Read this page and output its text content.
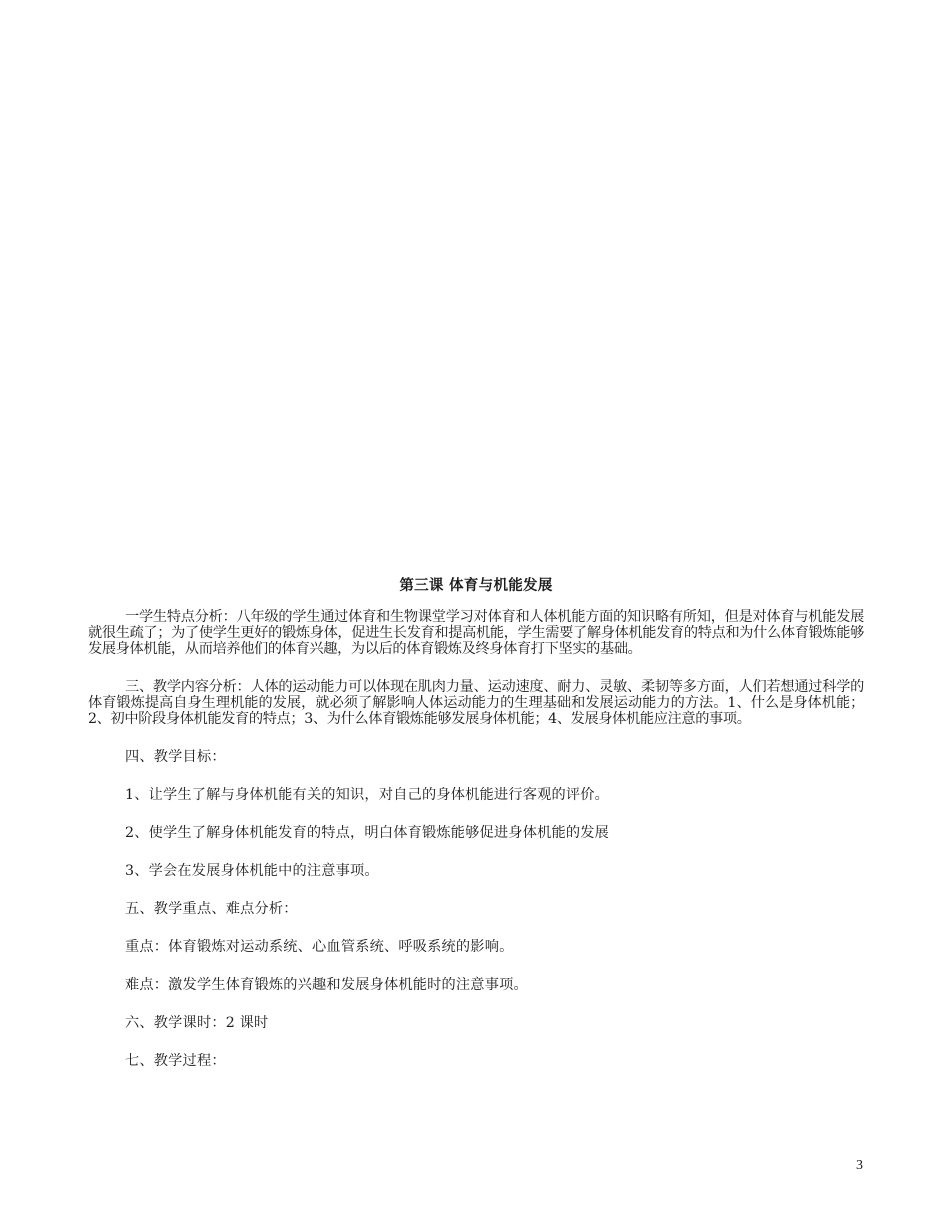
第三课 体育与机能发展

一学生特点分析：八年级的学生通过体育和生物课堂学习对体育和人体机能方面的知识略有所知，但是对体育与机能发展就很生疏了；为了使学生更好的锻炼身体，促进生长发育和提高机能，学生需要了解身体机能发育的特点和为什么体育锻炼能够发展身体机能，从而培养他们的体育兴趣，为以后的体育锻炼及终身体育打下坚实的基础。

三、教学内容分析：人体的运动能力可以体现在肌肉力量、运动速度、耐力、灵敏、柔韧等多方面，人们若想通过科学的体育锻炼提高自身生理机能的发展，就必须了解影响人体运动能力的生理基础和发展运动能力的方法。1、什么是身体机能；2、初中阶段身体机能发育的特点；3、为什么体育锻炼能够发展身体机能；4、发展身体机能应注意的事项。

四、教学目标：

1、让学生了解与身体机能有关的知识，对自己的身体机能进行客观的评价。

2、使学生了解身体机能发育的特点，明白体育锻炼能够促进身体机能的发展

3、学会在发展身体机能中的注意事项。

五、教学重点、难点分析：

重点：体育锻炼对运动系统、心血管系统、呼吸系统的影响。

难点：激发学生体育锻炼的兴趣和发展身体机能时的注意事项。

六、教学课时：2 课时

七、教学过程：

3
